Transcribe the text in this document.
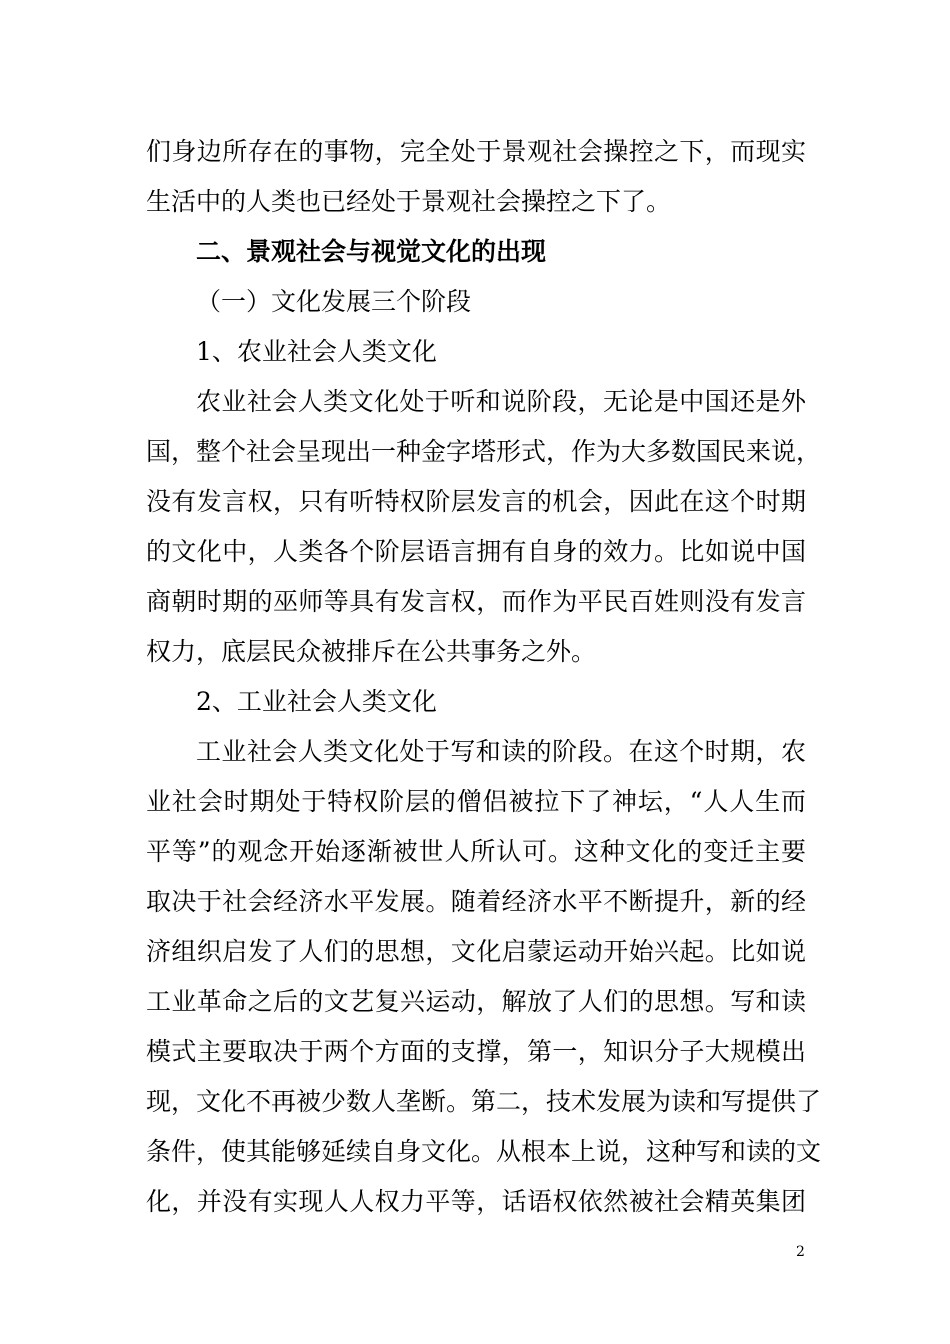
们身边所存在的事物，完全处于景观社会操控之下，而现实
生活中的人类也已经处于景观社会操控之下了。
二、景观社会与视觉文化的出现
（一）文化发展三个阶段
1、农业社会人类文化
农业社会人类文化处于听和说阶段，无论是中国还是外
国，整个社会呈现出一种金字塔形式，作为大多数国民来说，
没有发言权，只有听特权阶层发言的机会，因此在这个时期
的文化中，人类各个阶层语言拥有自身的效力。比如说中国
商朝时期的巫师等具有发言权，而作为平民百姓则没有发言
权力，底层民众被排斥在公共事务之外。
2、工业社会人类文化
工业社会人类文化处于写和读的阶段。在这个时期，农
业社会时期处于特权阶层的僧侣被拉下了神坛，“人人生而
平等”的观念开始逐渐被世人所认可。这种文化的变迁主要
取决于社会经济水平发展。随着经济水平不断提升，新的经
济组织启发了人们的思想，文化启蒙运动开始兴起。比如说
工业革命之后的文艺复兴运动，解放了人们的思想。写和读
模式主要取决于两个方面的支撑，第一，知识分子大规模出
现，文化不再被少数人垄断。第二，技术发展为读和写提供了
条件，使其能够延续自身文化。从根本上说，这种写和读的文
化，并没有实现人人权力平等，话语权依然被社会精英集团
2
